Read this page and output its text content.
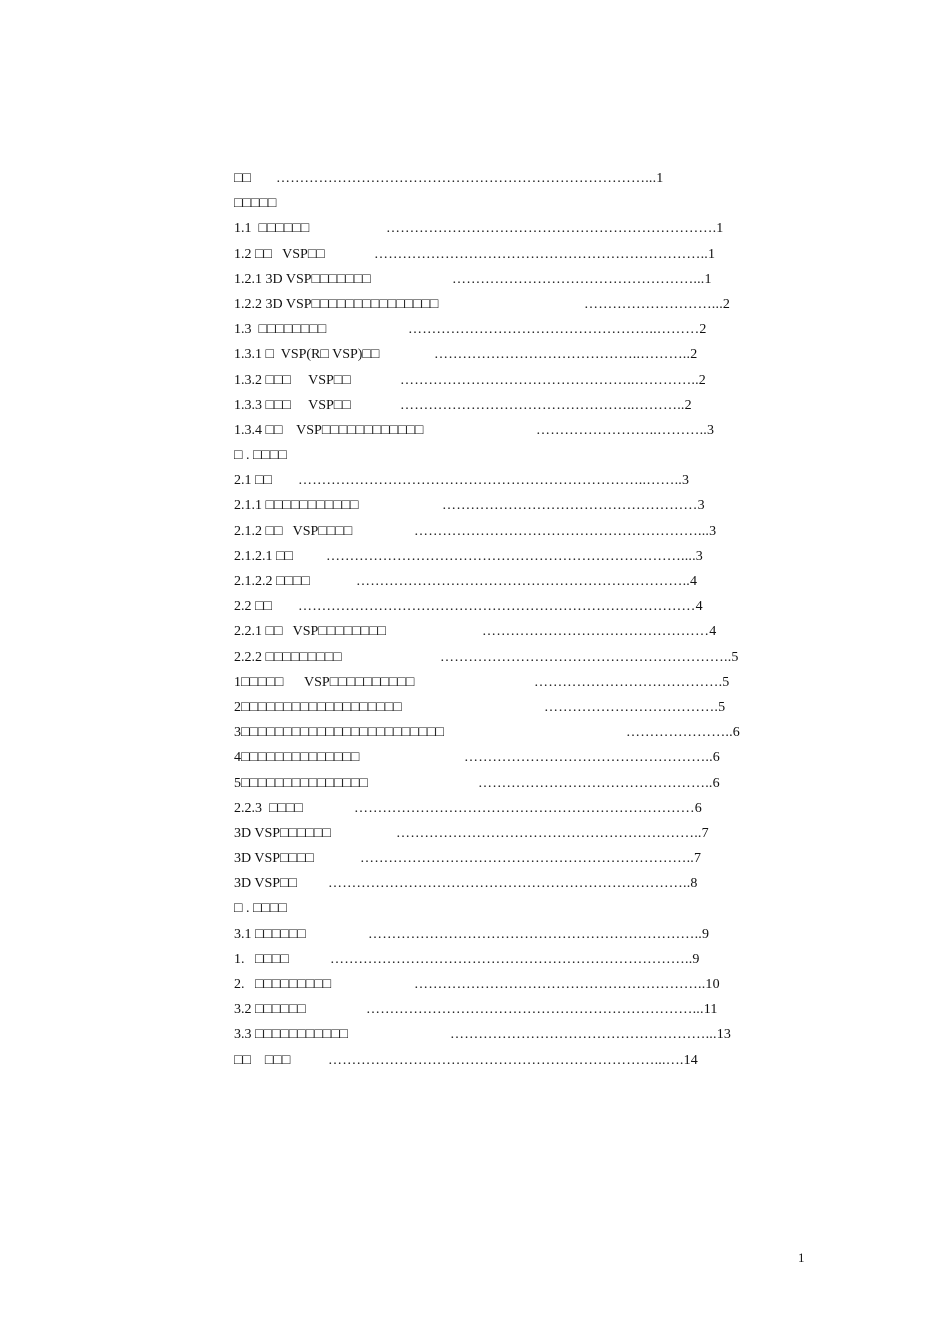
□□ ……………………………………………………………………...1
□□□□□
1.1  □□□□□□	…………………………………………………………….1
1.2 □□   VSP□□	……………………………………………………………..1
1.2.1 3D VSP□□□□□□□	……………………………………………...1
1.2.2 3D VSP□□□□□□□□□□□□□□□	………………………...2
1.3  □□□□□□□□	……………………………………………..………2
1.3.1 □  VSP(R□ VSP)□□	……………………………………..………..2
1.3.2 □□□     VSP□□	…………………………………………..…………..2
1.3.3 □□□     VSP□□	…………………………………………..………..2
1.3.4 □□    VSP□□□□□□□□□□□□	……………………..………..3
□ . □□□□
2.1 □□ ………………………………………………………………..……..3
2.1.1 □□□□□□□□□□□	………………………………………………3
2.1.2 □□   VSP□□□□	……………………………………………………...3
2.1.2.1 □□ …………………………………………………………………....3
2.1.2.2 □□□□	……………………………………………………………..4
2.2 □□ …………………………………………………………………………4
2.2.1 □□   VSP□□□□□□□□	…………………………………………4
2.2.2 □□□□□□□□□	……………………………………………………..5
1□□□□□      VSP□□□□□□□□□□	………………………………….5
2□□□□□□□□□□□□□□□□□□□	……………………………….5
3□□□□□□□□□□□□□□□□□□□□□□□□	…………………..6
4□□□□□□□□□□□□□□	……………………………………………..6
5□□□□□□□□□□□□□□□	…………………………………………..6
2.2.3  □□□□	………………………………………………………………6
3D VSP□□□□□□	………………………………………………………..7
3D VSP□□□□	……………………………………………………………..7
3D VSP□□ …………………………………………………………………..8
□ . □□□□
3.1 □□□□□□	……………………………………………………………..9
1.   □□□□	…………………………………………………………………..9
2.   □□□□□□□□□	……………………………………………………..10
3.2 □□□□□□	……………………………………………………………...11
3.3 □□□□□□□□□□□	………………………………………………...13
□□    □□□	……………………………………………………………...….14
1
